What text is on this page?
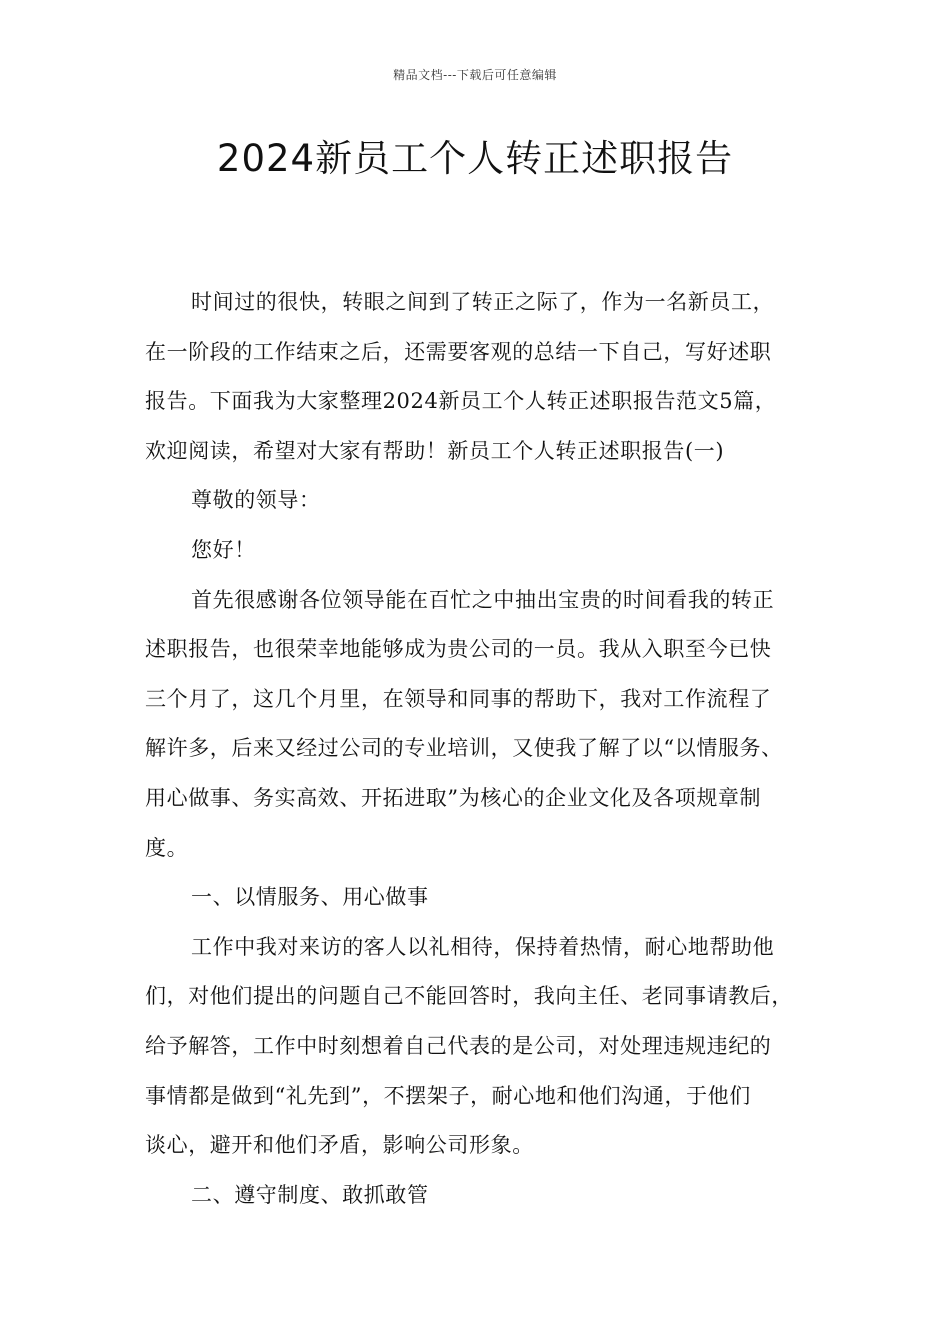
精品文档---下载后可任意编辑
2024新员工个人转正述职报告
时间过的很快，转眼之间到了转正之际了，作为一名新员工，
在一阶段的工作结束之后，还需要客观的总结一下自己，写好述职
报告。下面我为大家整理2024新员工个人转正述职报告范文5篇，
欢迎阅读，希望对大家有帮助！新员工个人转正述职报告(一)
尊敬的领导：
您好！
首先很感谢各位领导能在百忙之中抽出宝贵的时间看我的转正
述职报告，也很荣幸地能够成为贵公司的一员。我从入职至今已快
三个月了，这几个月里，在领导和同事的帮助下，我对工作流程了
解许多，后来又经过公司的专业培训，又使我了解了以“以情服务、
用心做事、务实高效、开拓进取”为核心的企业文化及各项规章制
度。
一、以情服务、用心做事
工作中我对来访的客人以礼相待，保持着热情，耐心地帮助他
们，对他们提出的问题自己不能回答时，我向主任、老同事请教后，
给予解答，工作中时刻想着自己代表的是公司，对处理违规违纪的
事情都是做到“礼先到”，不摆架子，耐心地和他们沟通，于他们
谈心，避开和他们矛盾，影响公司形象。
二、遵守制度、敢抓敢管
